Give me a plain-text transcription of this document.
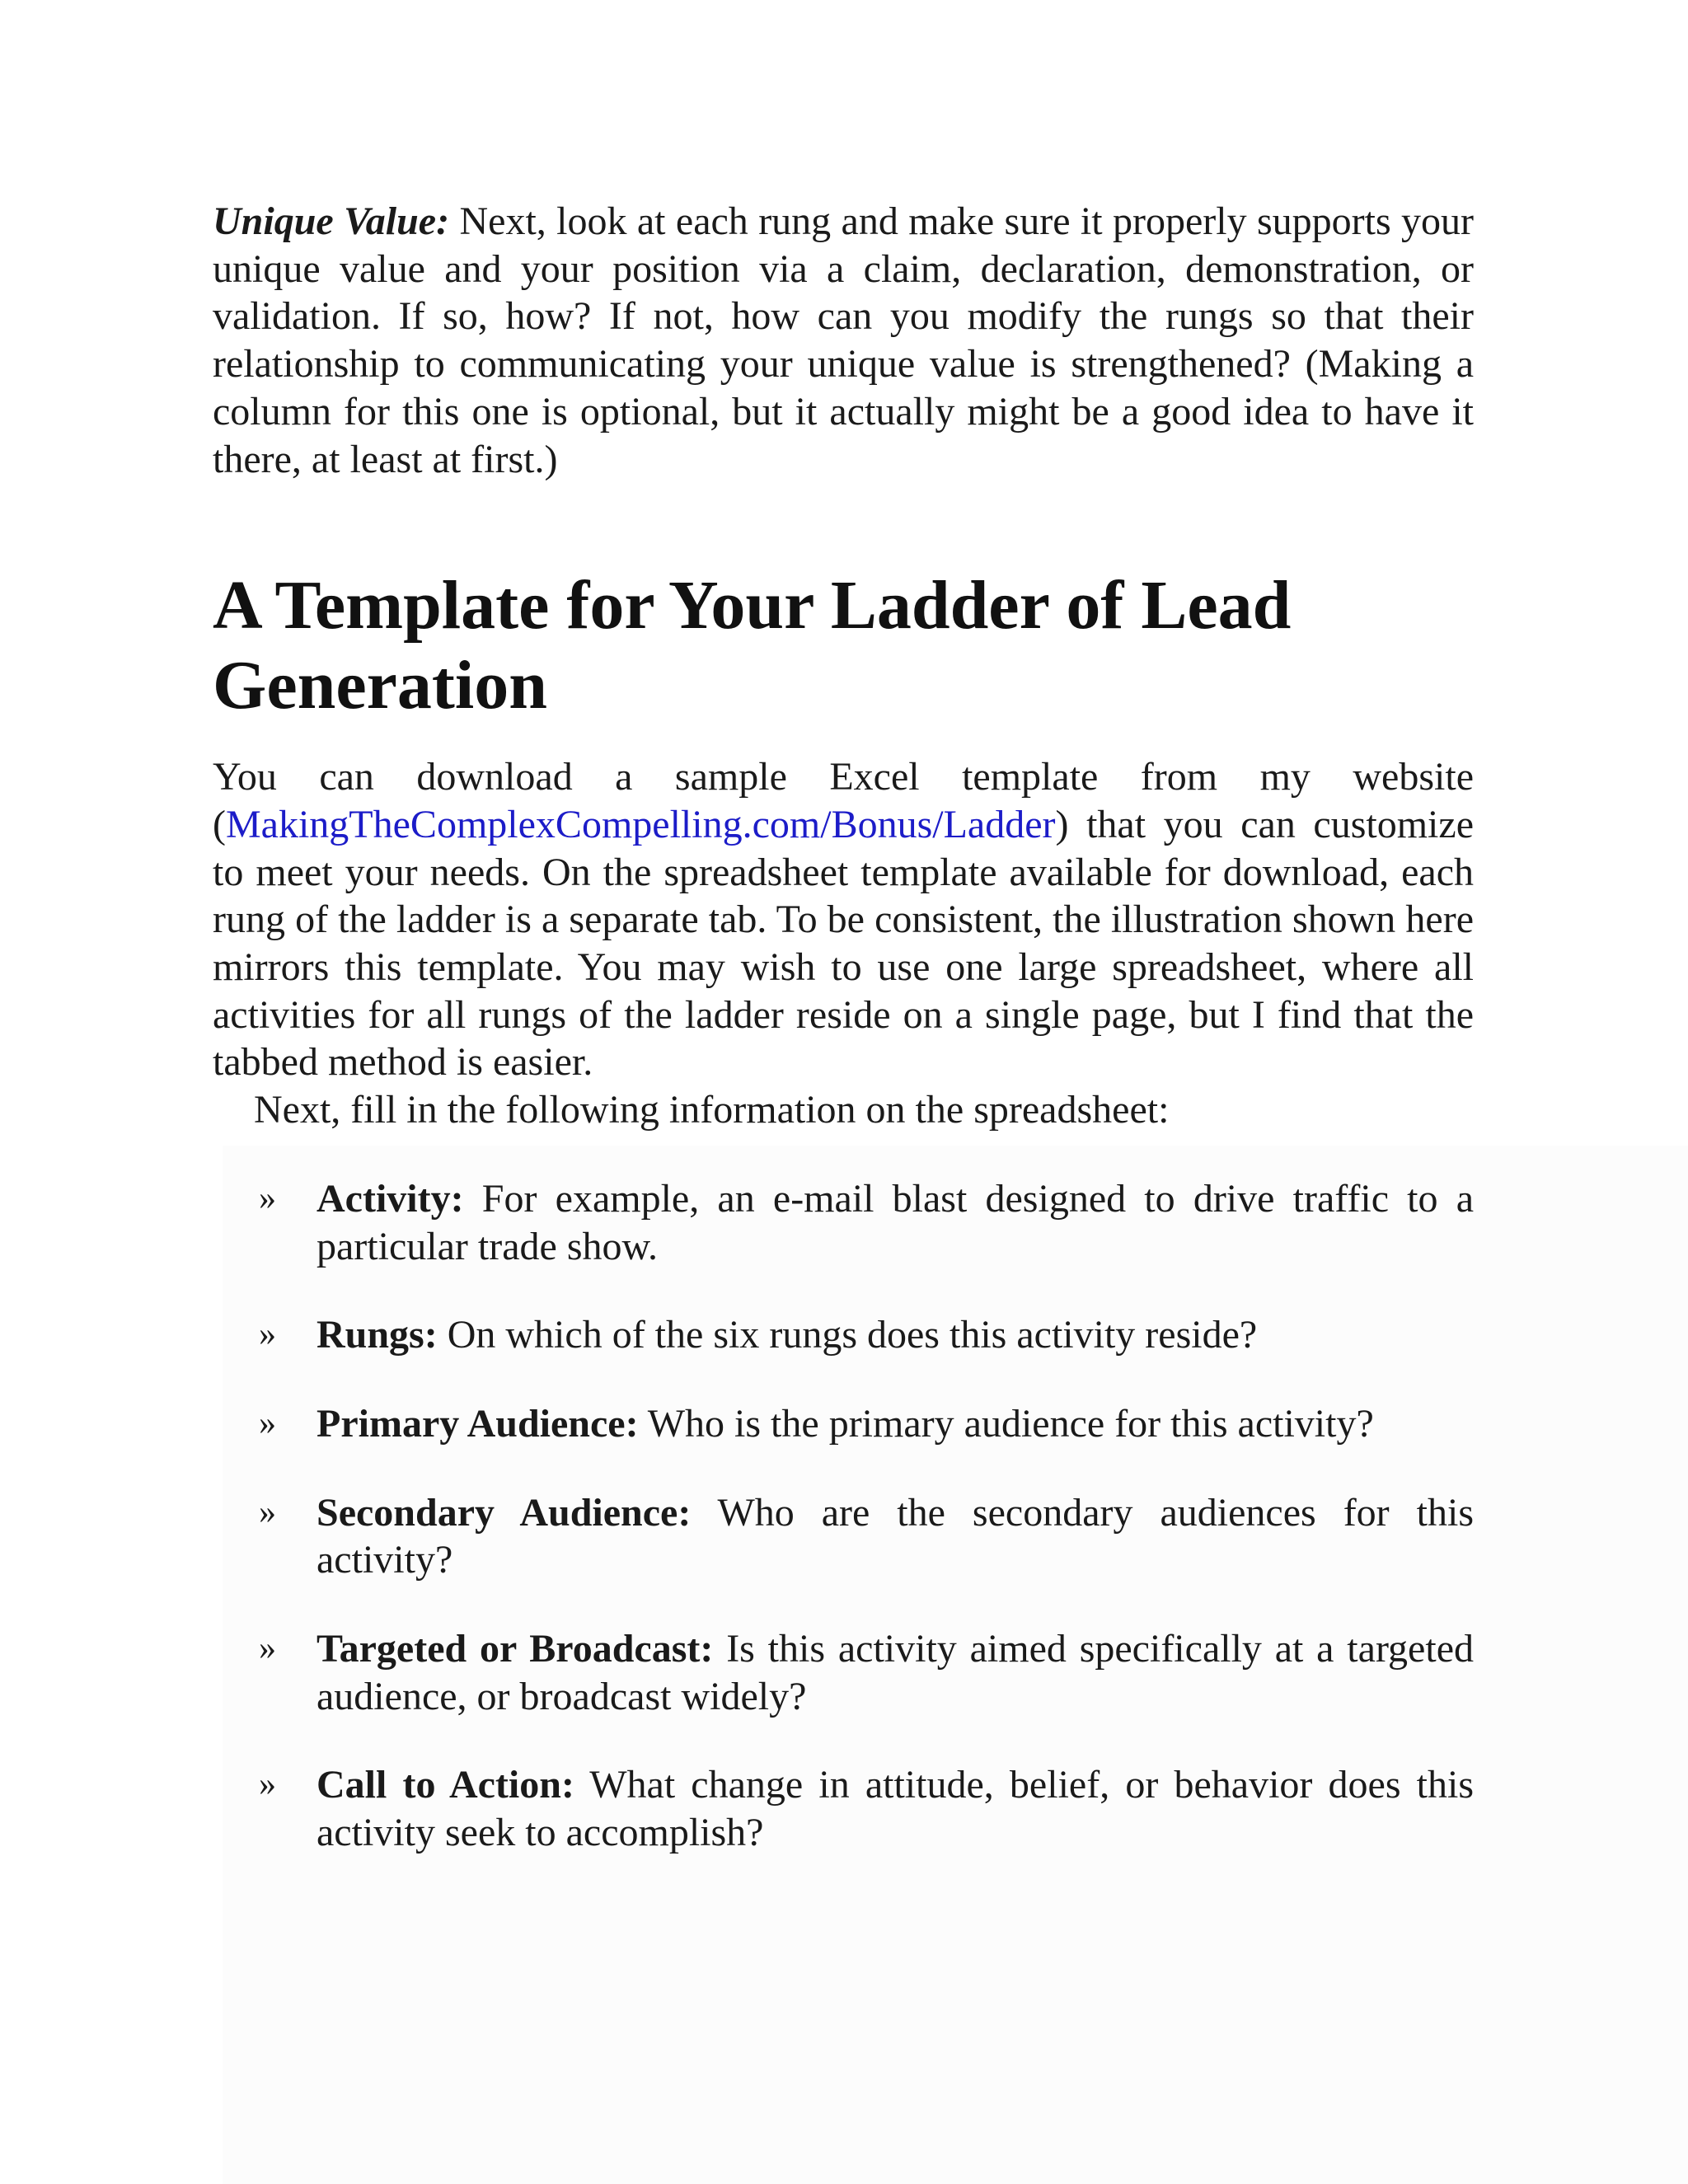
Unique Value: Next, look at each rung and make sure it properly supports your unique value and your position via a claim, declaration, demonstration, or validation. If so, how? If not, how can you modify the rungs so that their relationship to communicating your unique value is strengthened? (Making a column for this one is optional, but it actually might be a good idea to have it there, at least at first.)

A Template for Your Ladder of Lead
Generation

You can download a sample Excel template from my website (MakingTheComplexCompelling.com/Bonus/Ladder) that you can customize to meet your needs. On the spreadsheet template available for download, each rung of the ladder is a separate tab. To be consistent, the illustration shown here mirrors this template. You may wish to use one large spreadsheet, where all activities for all rungs of the ladder reside on a single page, but I find that the tabbed method is easier.

Next, fill in the following information on the spreadsheet:

» Activity: For example, an e-mail blast designed to drive traffic to a particular trade show.
» Rungs: On which of the six rungs does this activity reside?
» Primary Audience: Who is the primary audience for this activity?
» Secondary Audience: Who are the secondary audiences for this activity?
» Targeted or Broadcast: Is this activity aimed specifically at a targeted audience, or broadcast widely?
» Call to Action: What change in attitude, belief, or behavior does this activity seek to accomplish?
